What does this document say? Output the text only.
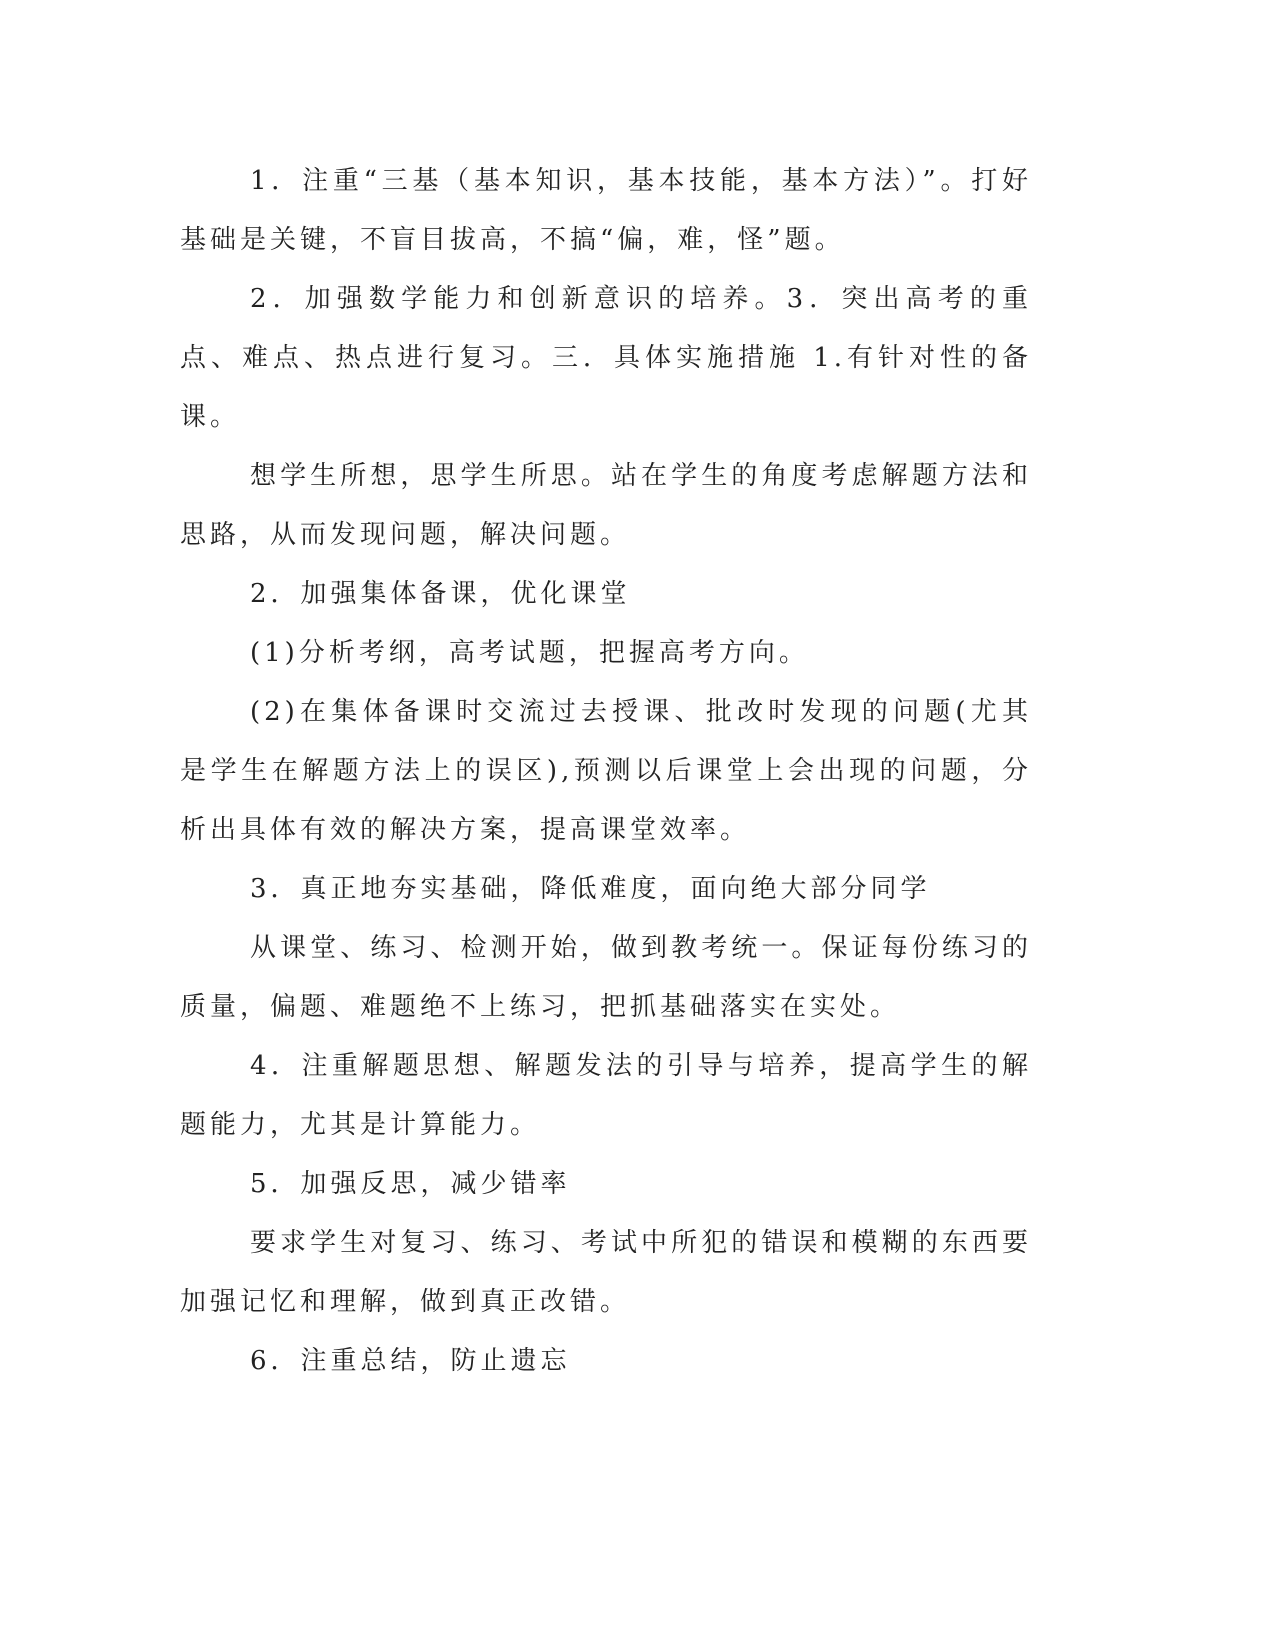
1．注重“三基（基本知识，基本技能，基本方法）”。打好基础是关键，不盲目拔高，不搞“偏，难，怪”题。

2．加强数学能力和创新意识的培养。3．突出高考的重点、难点、热点进行复习。三．具体实施措施 1.有针对性的备课。

想学生所想，思学生所思。站在学生的角度考虑解题方法和思路，从而发现问题，解决问题。

2．加强集体备课，优化课堂

(1)分析考纲，高考试题，把握高考方向。

(2)在集体备课时交流过去授课、批改时发现的问题(尤其是学生在解题方法上的误区),预测以后课堂上会出现的问题，分析出具体有效的解决方案，提高课堂效率。

3．真正地夯实基础，降低难度，面向绝大部分同学

从课堂、练习、检测开始，做到教考统一。保证每份练习的质量，偏题、难题绝不上练习，把抓基础落实在实处。

4．注重解题思想、解题发法的引导与培养，提高学生的解题能力，尤其是计算能力。

5．加强反思，减少错率

要求学生对复习、练习、考试中所犯的错误和模糊的东西要加强记忆和理解，做到真正改错。

6．注重总结，防止遗忘
